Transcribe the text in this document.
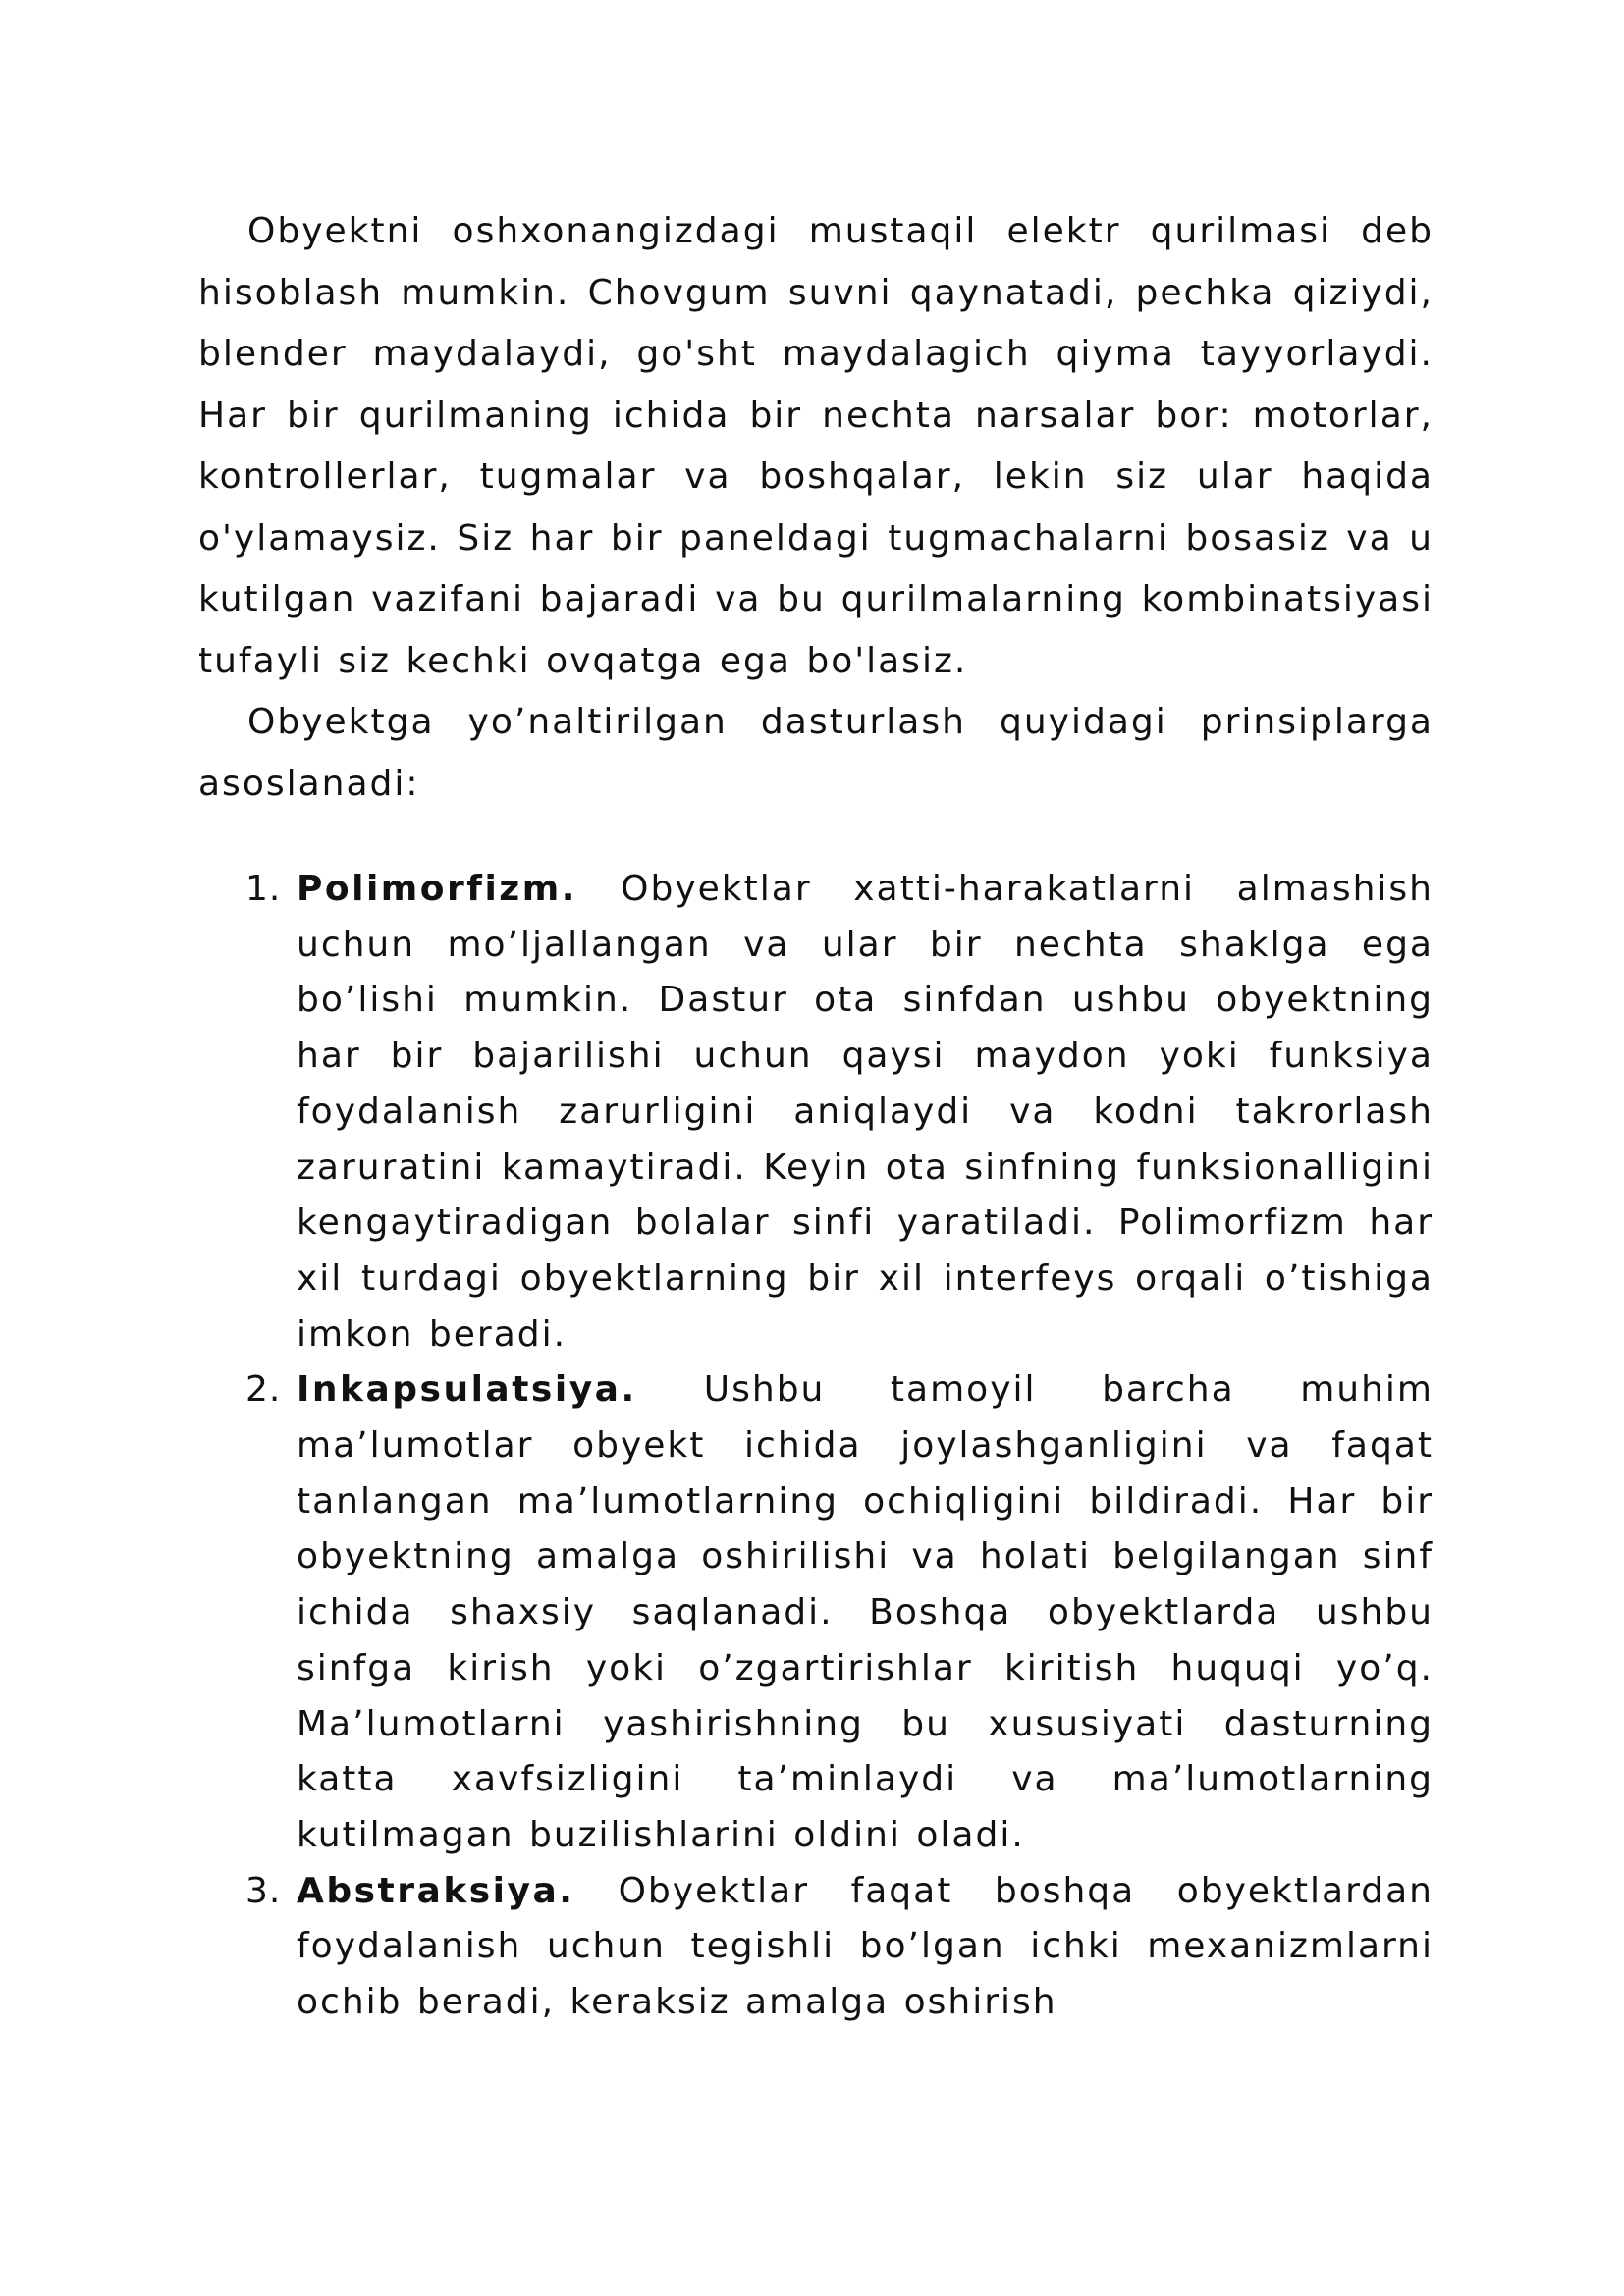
Obyektni oshxonangizdagi mustaqil elektr qurilmasi deb hisoblash mumkin. Chovgum suvni qaynatadi, pechka qiziydi, blender maydalaydi, go'sht maydalagich qiyma tayyorlaydi. Har bir qurilmaning ichida bir nechta narsalar bor: motorlar, kontrollerlar, tugmalar va boshqalar, lekin siz ular haqida o'ylamaysiz. Siz har bir paneldagi tugmachalarni bosasiz va u kutilgan vazifani bajaradi va bu qurilmalarning kombinatsiyasi tufayli siz kechki ovqatga ega bo'lasiz.

Obyektga yo’naltirilgan dasturlash quyidagi prinsiplarga asoslanadi:

1. Polimorfizm. Obyektlar xatti-harakatlarni almashish uchun mo’ljallangan va ular bir nechta shaklga ega bo’lishi mumkin. Dastur ota sinfdan ushbu obyektning har bir bajarilishi uchun qaysi maydon yoki funksiya foydalanish zarurligini aniqlaydi va kodni takrorlash zaruratini kamaytiradi. Keyin ota sinfning funksionalligini kengaytiradigan bolalar sinfi yaratiladi. Polimorfizm har xil turdagi obyektlarning bir xil interfeys orqali o’tishiga imkon beradi.
2. Inkapsulatsiya. Ushbu tamoyil barcha muhim ma’lumotlar obyekt ichida joylashganligini va faqat tanlangan ma’lumotlarning ochiqligini bildiradi. Har bir obyektning amalga oshirilishi va holati belgilangan sinf ichida shaxsiy saqlanadi. Boshqa obyektlarda ushbu sinfga kirish yoki o’zgartirishlar kiritish huquqi yo’q. Ma’lumotlarni yashirishning bu xususiyati dasturning katta xavfsizligini ta’minlaydi va ma’lumotlarning kutilmagan buzilishlarini oldini oladi.
3. Abstraksiya. Obyektlar faqat boshqa obyektlardan foydalanish uchun tegishli bo’lgan ichki mexanizmlarni ochib beradi, keraksiz amalga oshirish
